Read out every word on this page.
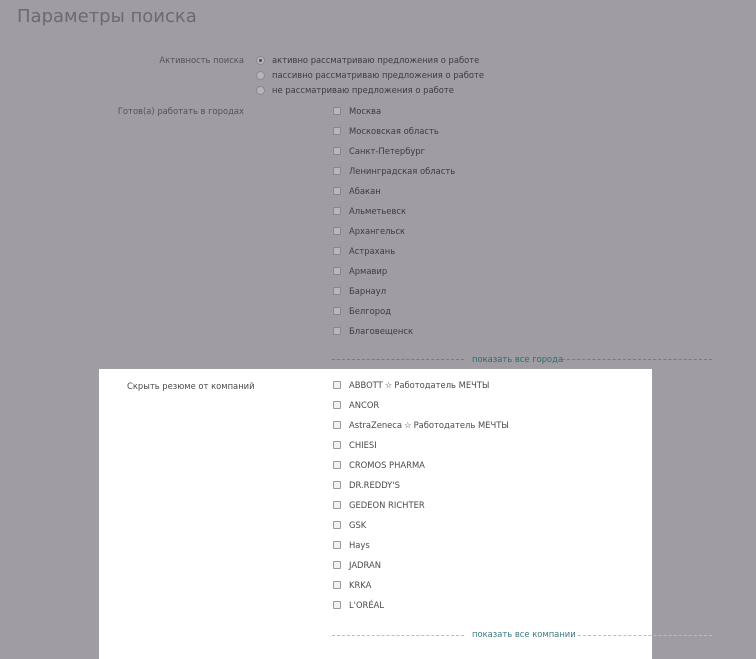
Параметры поиска
Активность поиска	активно рассматриваю предложения о работе
пассивно рассматриваю предложения о работе
не рассматриваю предложения о работе
Готов(а) работать в городах	Москва
Московская область
Санкт-Петербург
Ленинградская область
Абакан
Альметьевск
Архангельск
Астрахань
Армавир
Барнаул
Белгород
Благовещенск
показать все города
Скрыть резюме от компаний	ABBOTT ☆ Работодатель МЕЧТЫ
ANCOR
AstraZeneca ☆ Работодатель МЕЧТЫ
CHIESI
CROMOS PHARMA
DR.REDDY'S
GEDEON RICHTER
GSK
Hays
JADRAN
KRKA
L'ORÉAL
показать все компании
